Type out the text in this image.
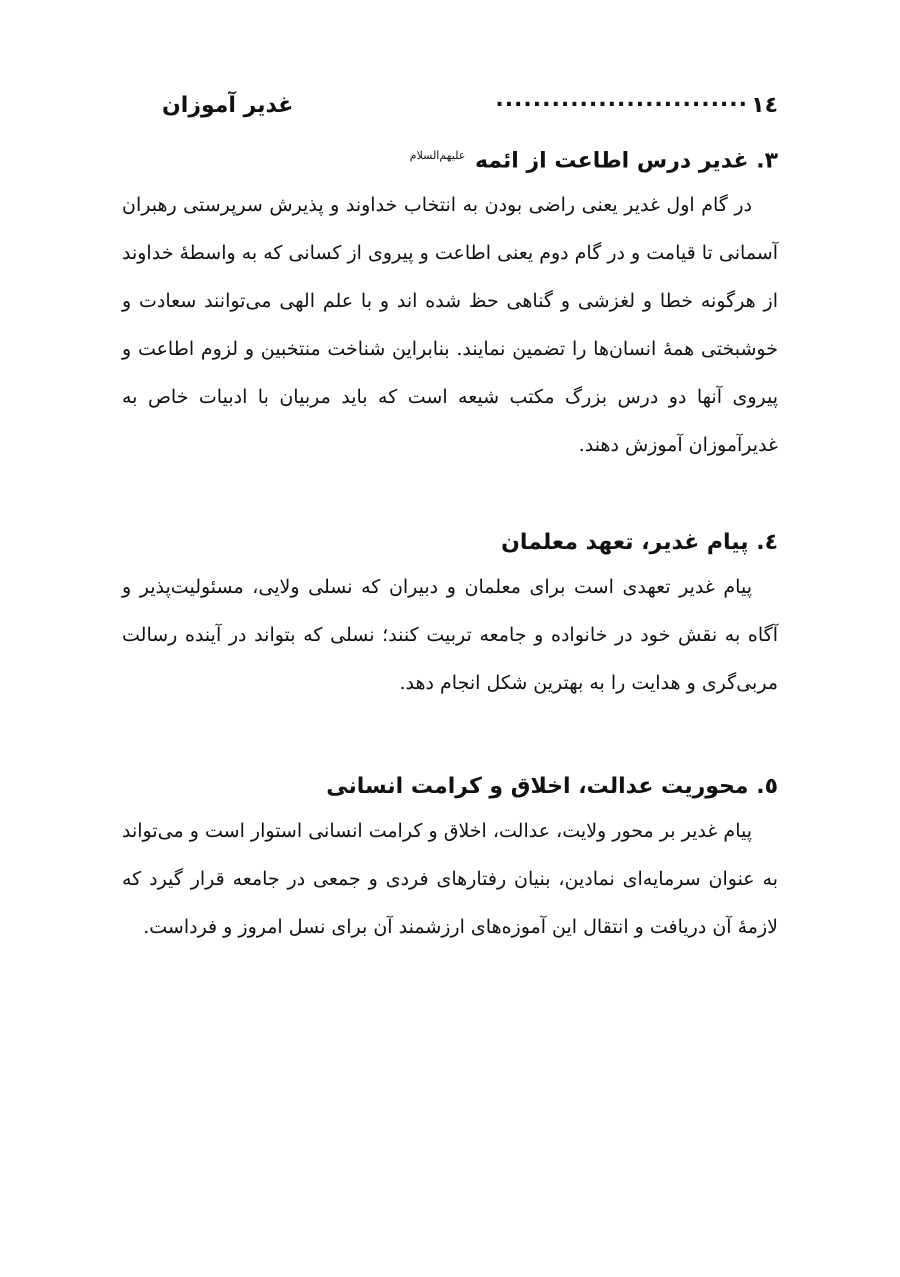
١٤
...........................
غدیر آموزان
٣. غدیر درس اطاعت از ائمه $^{علیهم‌السلام}$

در گام اول غدیر یعنی راضی بودن به انتخاب خداوند و پذیرش سرپرستی رهبران آسمانی تا قیامت و در گام دوم یعنی اطاعت و پیروی از کسانی که به واسطهٔ خداوند از هرگونه خطا و لغزشی و گناهی حظ شده اند و با علم الهی می‌توانند سعادت و خوشبختی همهٔ انسان‌ها را تضمین نمایند. بنابراین شناخت منتخبین و لزوم اطاعت و پیروی آنها دو درس بزرگ مکتب شیعه است که باید مربیان با ادبیات خاص به غدیرآموزان آموزش دهند.

٤. پیام غدیر، تعهد معلمان

پیام غدیر تعهدی است برای معلمان و دبیران که نسلی ولایی، مسئولیت‌پذیر و آگاه به نقش خود در خانواده و جامعه تربیت کنند؛ نسلی که بتواند در آینده رسالت مربی‌گری و هدایت را به بهترین شکل انجام دهد.

٥. محوریت عدالت، اخلاق و کرامت انسانی

پیام غدیر بر محور ولایت، عدالت، اخلاق و کرامت انسانی استوار است و می‌تواند به عنوان سرمایه‌ای نمادین، بنیان رفتارهای فردی و جمعی در جامعه قرار گیرد که لازمهٔ آن دریافت و انتقال این آموزه‌های ارزشمند آن برای نسل امروز و فرداست.
